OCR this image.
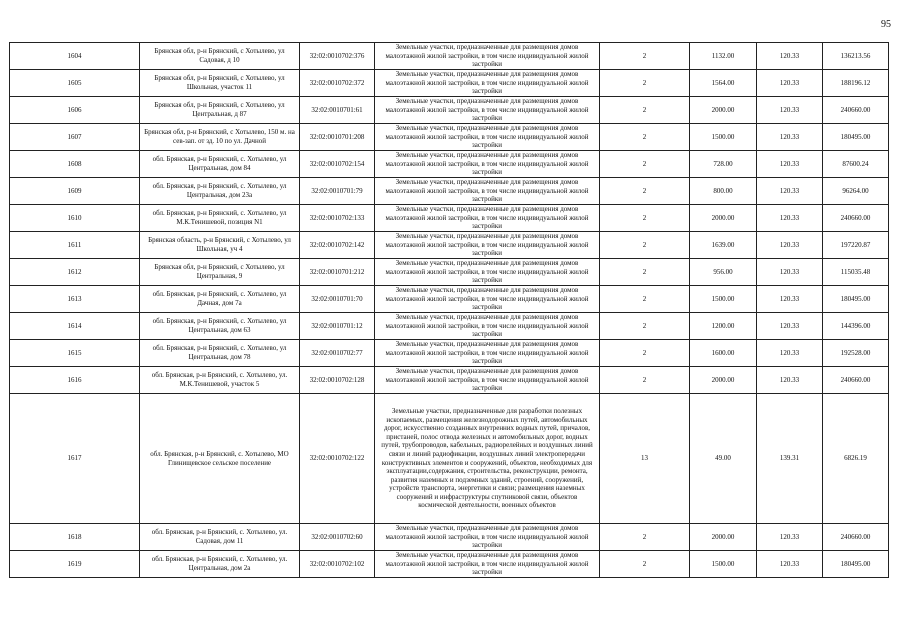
95
1604	Брянская обл, р-н Брянский, с Хотылево, ул Садовая, д 10	32:02:0010702:376	Земельные участки, предназначенные для размещения домов малоэтажной жилой застройки, в том числе индивидуальной жилой застройки	2	1132.00	120.33	136213.56
1605	Брянская обл, р-н Брянский, с Хотылево, ул Школьная, участок 11	32:02:0010702:372	Земельные участки, предназначенные для размещения домов малоэтажной жилой застройки, в том числе индивидуальной жилой застройки	2	1564.00	120.33	188196.12
1606	Брянская обл, р-н Брянский, с Хотылево, ул Центральная, д 87	32:02:0010701:61	Земельные участки, предназначенные для размещения домов малоэтажной жилой застройки, в том числе индивидуальной жилой застройки	2	2000.00	120.33	240660.00
1607	Брянская обл, р-н Брянский, с Хотылево, 150 м. на сев-зап. от зд. 10 по ул. Дачной	32:02:0010701:208	Земельные участки, предназначенные для размещения домов малоэтажной жилой застройки, в том числе индивидуальной жилой застройки	2	1500.00	120.33	180495.00
1608	обл. Брянская, р-н Брянский, с. Хотылево, ул Центральная, дом 84	32:02:0010702:154	Земельные участки, предназначенные для размещения домов малоэтажной жилой застройки, в том числе индивидуальной жилой застройки	2	728.00	120.33	87600.24
1609	обл. Брянская, р-н Брянский, с. Хотылево, ул Центральная, дом 23а	32:02:0010701:79	Земельные участки, предназначенные для размещения домов малоэтажной жилой застройки, в том числе индивидуальной жилой застройки	2	800.00	120.33	96264.00
1610	обл. Брянская, р-н Брянский, с. Хотылево, ул М.К.Тенишевой, позиция N1	32:02:0010702:133	Земельные участки, предназначенные для размещения домов малоэтажной жилой застройки, в том числе индивидуальной жилой застройки	2	2000.00	120.33	240660.00
1611	Брянская область, р-н Брянский, с Хотылево, ул Школьная, уч 4	32:02:0010702:142	Земельные участки, предназначенные для размещения домов малоэтажной жилой застройки, в том числе индивидуальной жилой застройки	2	1639.00	120.33	197220.87
1612	Брянская обл, р-н Брянский, с Хотылево, ул Центральная, 9	32:02:0010701:212	Земельные участки, предназначенные для размещения домов малоэтажной жилой застройки, в том числе индивидуальной жилой застройки	2	956.00	120.33	115035.48
1613	обл. Брянская, р-н Брянский, с. Хотылево, ул Дачная, дом 7а	32:02:0010701:70	Земельные участки, предназначенные для размещения домов малоэтажной жилой застройки, в том числе индивидуальной жилой застройки	2	1500.00	120.33	180495.00
1614	обл. Брянская, р-н Брянский, с. Хотылево, ул Центральная, дом 63	32:02:0010701:12	Земельные участки, предназначенные для размещения домов малоэтажной жилой застройки, в том числе индивидуальной жилой застройки	2	1200.00	120.33	144396.00
1615	обл. Брянская, р-н Брянский, с. Хотылево, ул Центральная, дом 78	32:02:0010702:77	Земельные участки, предназначенные для размещения домов малоэтажной жилой застройки, в том числе индивидуальной жилой застройки	2	1600.00	120.33	192528.00
1616	обл. Брянская, р-н Брянский, с. Хотылево, ул. М.К.Тенишевой, участок 5	32:02:0010702:128	Земельные участки, предназначенные для размещения домов малоэтажной жилой застройки, в том числе индивидуальной жилой застройки	2	2000.00	120.33	240660.00
1617	обл. Брянская, р-н Брянский, с. Хотылево, МО Глинищевское сельское поселение	32:02:0010702:122	Земельные участки, предназначенные для разработки полезных ископаемых, размещения железнодорожных путей, автомобильных дорог, искусственно созданных внутренних водных путей, причалов, пристаней, полос отвода железных и автомобильных дорог, водных путей, трубопроводов, кабельных, радиорелейных и воздушных линий связи и линий радиофикации, воздушных линий электропередачи конструктивных элементов и сооружений, объектов, необходимых для эксплуатации,содержания, строительства, реконструкции, ремонта, развития наземных и подземных зданий, строений, сооружений, устройств транспорта, энергетики и связи; размещения наземных сооружений и инфраструктуры спутниковой связи, объектов космической деятельности, военных объектов	13	49.00	139.31	6826.19
1618	обл. Брянская, р-н Брянский, с. Хотылево, ул. Садовая, дом 11	32:02:0010702:60	Земельные участки, предназначенные для размещения домов малоэтажной жилой застройки, в том числе индивидуальной жилой застройки	2	2000.00	120.33	240660.00
1619	обл. Брянская, р-н Брянский, с. Хотылево, ул. Центральная, дом 2а	32:02:0010702:102	Земельные участки, предназначенные для размещения домов малоэтажной жилой застройки, в том числе индивидуальной жилой застройки	2	1500.00	120.33	180495.00
